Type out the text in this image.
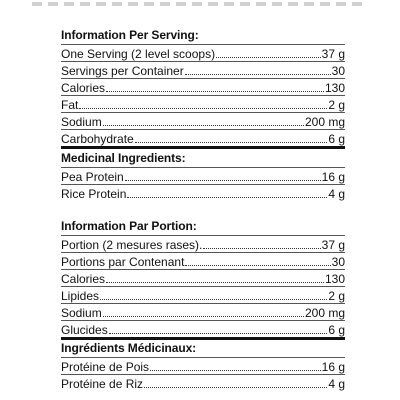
Information Per Serving:
One Serving (2 level scoops)	37 g
Servings per Container	30
Calories	130
Fat	2 g
Sodium	200 mg
Carbohydrate	6 g
Medicinal Ingredients:
Pea Protein	16 g
Rice Protein	4 g
Information Par Portion:
Portion (2 mesures rases).	37 g
Portions par Contenant	30
Calories	130
Lipides	2 g
Sodium	200 mg
Glucides	6 g
Ingrédients Médicinaux:
Protéine de Pois	16 g
Protéine de Riz	4 g
